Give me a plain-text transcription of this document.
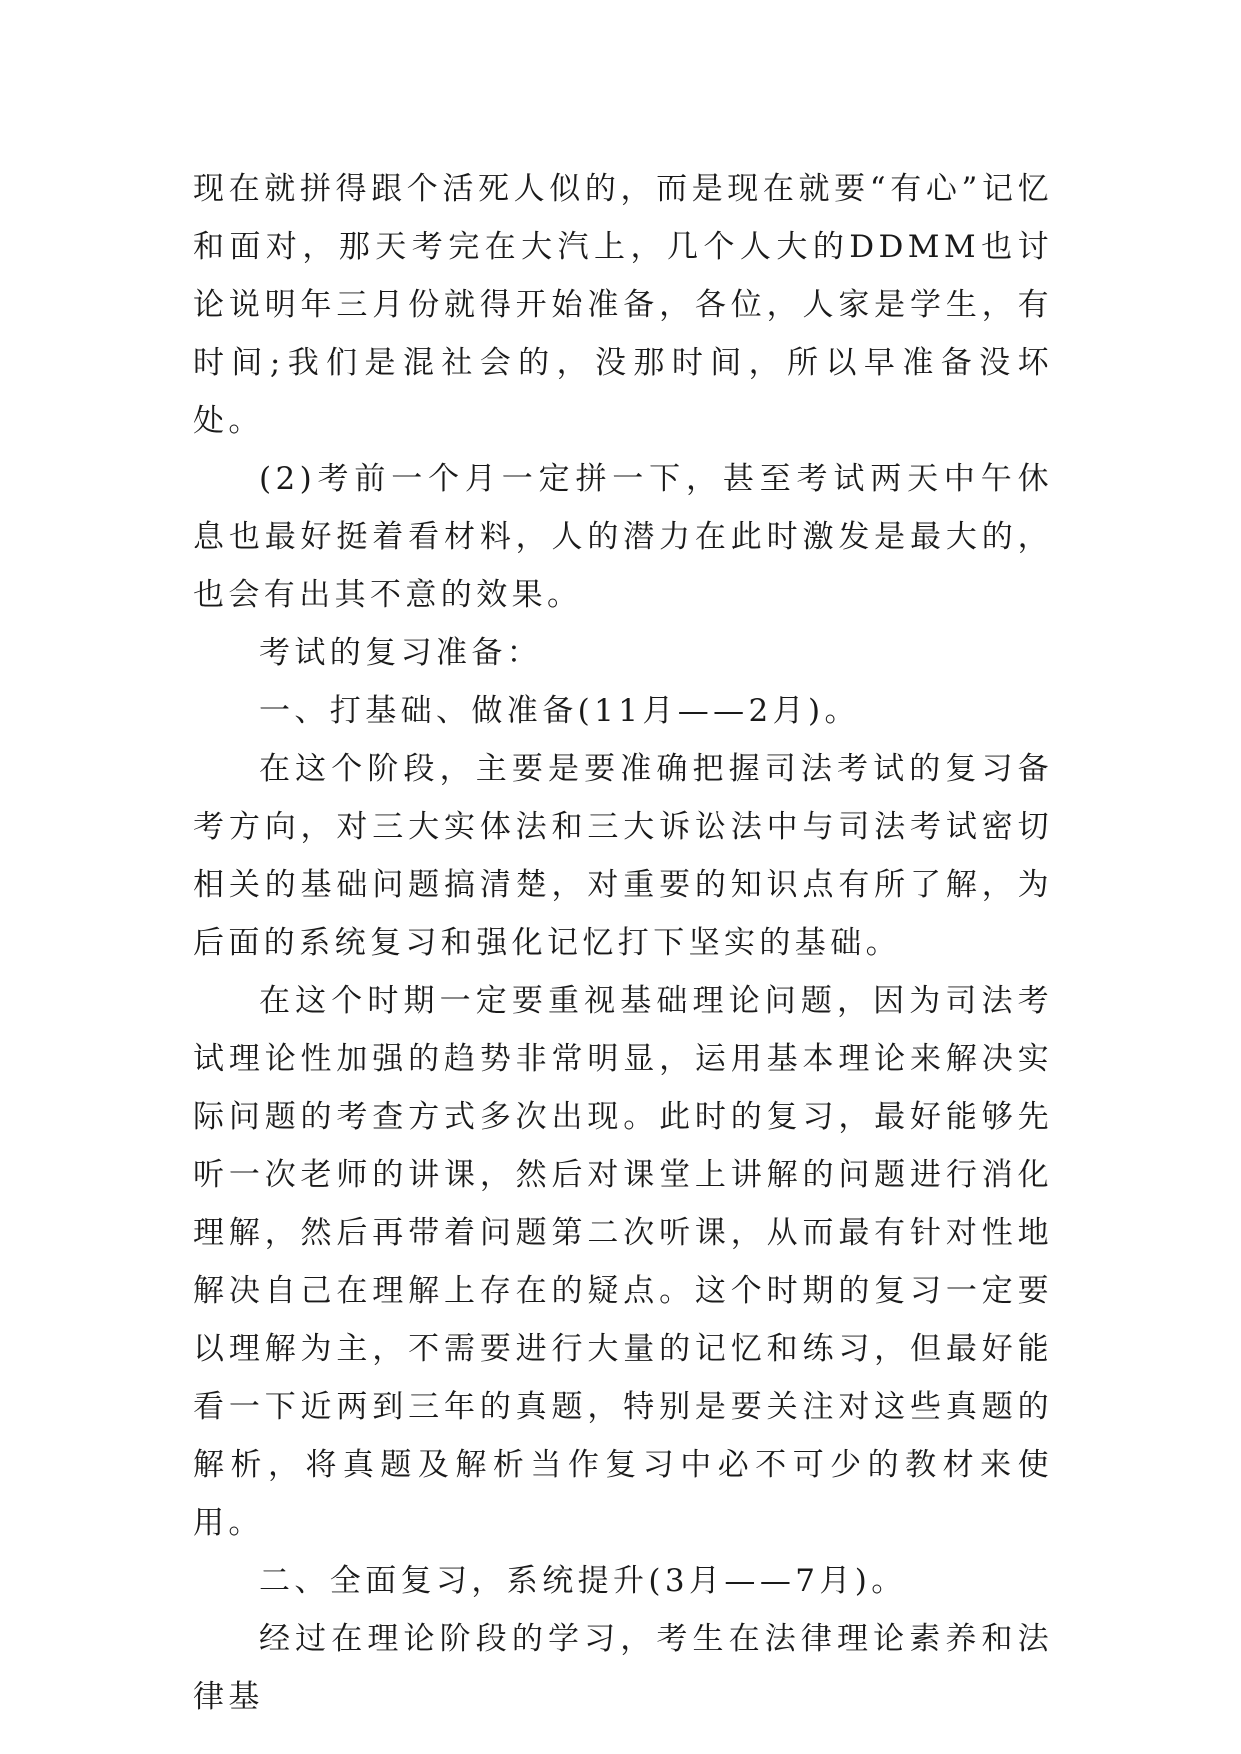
现在就拼得跟个活死人似的，而是现在就要“有心”记忆和面对，那天考完在大汽上，几个人大的DDMM也讨论说明年三月份就得开始准备，各位，人家是学生，有时间;我们是混社会的，没那时间，所以早准备没坏处。

(2)考前一个月一定拼一下，甚至考试两天中午休息也最好挺着看材料，人的潜力在此时激发是最大的，也会有出其不意的效果。

考试的复习准备：

一、打基础、做准备(11月——2月)。

在这个阶段，主要是要准确把握司法考试的复习备考方向，对三大实体法和三大诉讼法中与司法考试密切相关的基础问题搞清楚，对重要的知识点有所了解，为后面的系统复习和强化记忆打下坚实的基础。

在这个时期一定要重视基础理论问题，因为司法考试理论性加强的趋势非常明显，运用基本理论来解决实际问题的考查方式多次出现。此时的复习，最好能够先听一次老师的讲课，然后对课堂上讲解的问题进行消化理解，然后再带着问题第二次听课，从而最有针对性地解决自己在理解上存在的疑点。这个时期的复习一定要以理解为主，不需要进行大量的记忆和练习，但最好能看一下近两到三年的真题，特别是要关注对这些真题的解析，将真题及解析当作复习中必不可少的教材来使用。

二、全面复习，系统提升(3月——7月)。

经过在理论阶段的学习，考生在法律理论素养和法律基
